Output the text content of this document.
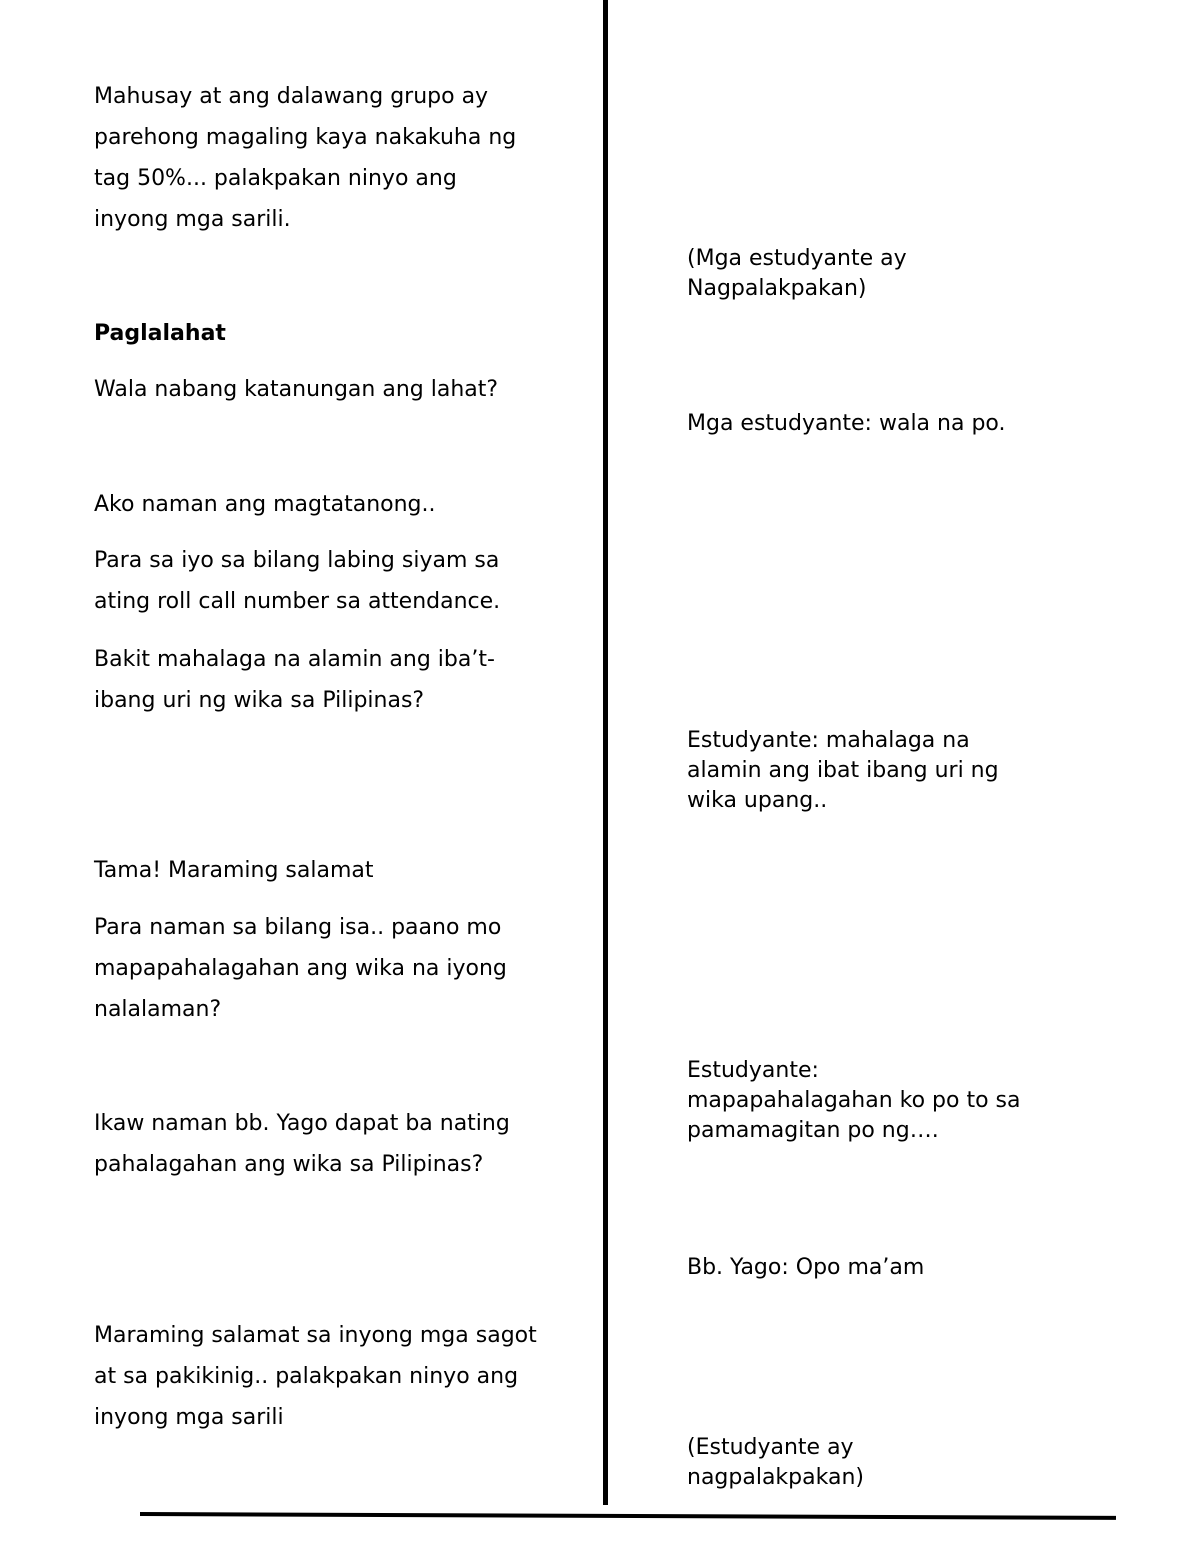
Mahusay at ang dalawang grupo ay
parehong magaling kaya nakakuha ng
tag 50%... palakpakan ninyo ang
inyong mga sarili.
Paglalahat
Wala nabang katanungan ang lahat?
Ako naman ang magtatanong..
Para sa iyo sa bilang labing siyam sa
ating roll call number sa attendance.
Bakit mahalaga na alamin ang iba’t-
ibang uri ng wika sa Pilipinas?
Tama! Maraming salamat
Para naman sa bilang isa.. paano mo
mapapahalagahan ang wika na iyong
nalalaman?
Ikaw naman bb. Yago dapat ba nating
pahalagahan ang wika sa Pilipinas?
Maraming salamat sa inyong mga sagot
at sa pakikinig.. palakpakan ninyo ang
inyong mga sarili
(Mga estudyante ay
Nagpalakpakan)
Mga estudyante: wala na po.
Estudyante: mahalaga na
alamin ang ibat ibang uri ng
wika upang..
Estudyante:
mapapahalagahan ko po to sa
pamamagitan po ng….
Bb. Yago: Opo ma’am
(Estudyante ay
nagpalakpakan)
